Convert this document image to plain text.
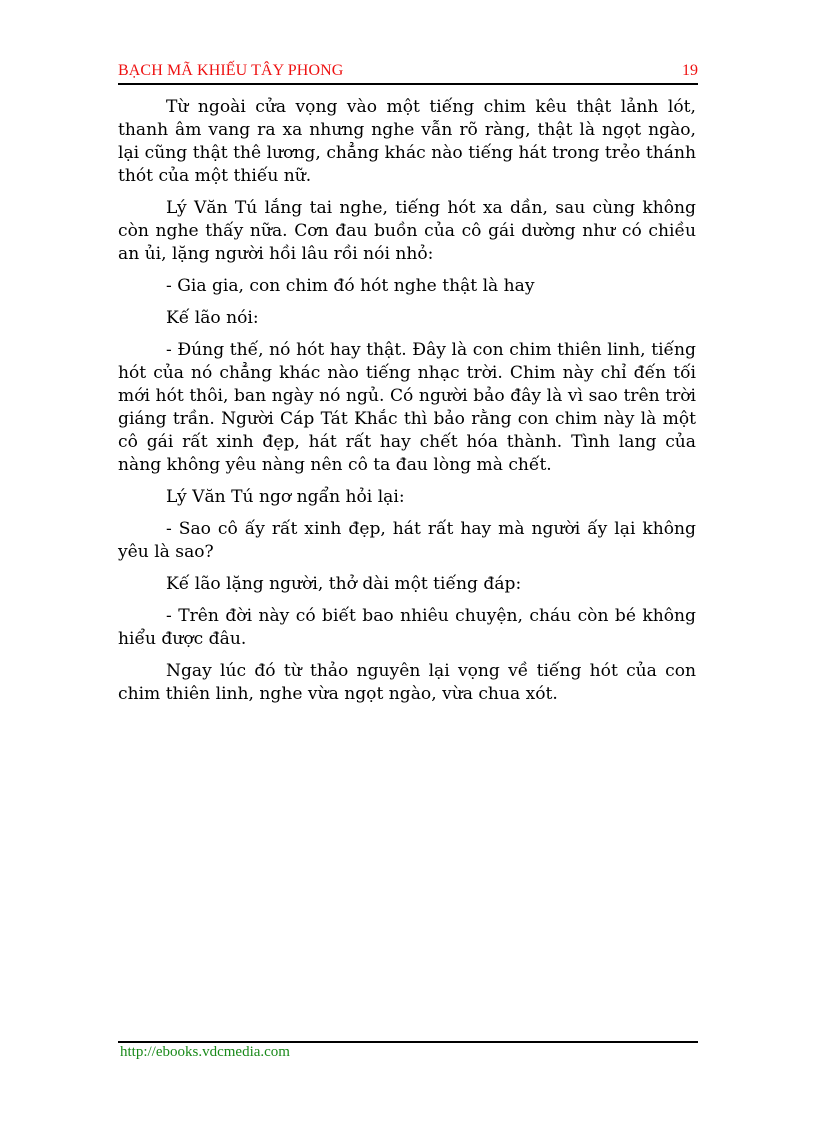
BẠCH MÃ KHIẾU TÂY PHONG	19

Từ ngoài cửa vọng vào một tiếng chim kêu thật lảnh lót, thanh âm vang ra xa nhưng nghe vẫn rõ ràng, thật là ngọt ngào, lại cũng thật thê lương, chẳng khác nào tiếng hát trong trẻo thánh thót của một thiếu nữ.

Lý Văn Tú lắng tai nghe, tiếng hót xa dần, sau cùng không còn nghe thấy nữa. Cơn đau buồn của cô gái dường như có chiều an ủi, lặng người hồi lâu rồi nói nhỏ:

- Gia gia, con chim đó hót nghe thật là hay

Kế lão nói:

- Đúng thế, nó hót hay thật. Đây là con chim thiên linh, tiếng hót của nó chẳng khác nào tiếng nhạc trời. Chim này chỉ đến tối mới hót thôi, ban ngày nó ngủ. Có người bảo đây là vì sao trên trời giáng trần. Người Cáp Tát Khắc thì bảo rằng con chim này là một cô gái rất xinh đẹp, hát rất hay chết hóa thành. Tình lang của nàng không yêu nàng nên cô ta đau lòng mà chết.

Lý Văn Tú ngơ ngẩn hỏi lại:

- Sao cô ấy rất xinh đẹp, hát rất hay mà người ấy lại không yêu là sao?

Kế lão lặng người, thở dài một tiếng đáp:

- Trên đời này có biết bao nhiêu chuyện, cháu còn bé không hiểu được đâu.

Ngay lúc đó từ thảo nguyên lại vọng về tiếng hót của con chim thiên linh, nghe vừa ngọt ngào, vừa chua xót.

http://ebooks.vdcmedia.com
